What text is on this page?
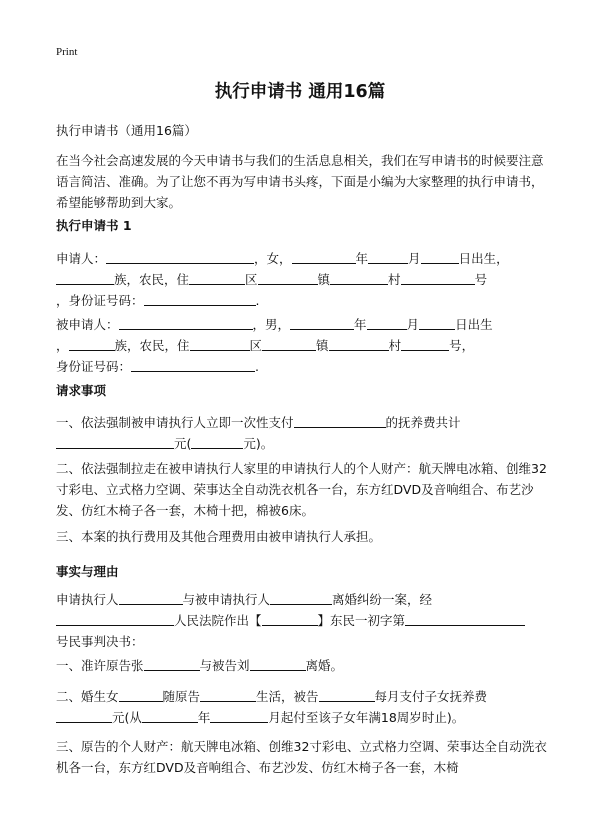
Print
执行申请书 通用16篇
执行申请书（通用16篇）

在当今社会高速发展的今天申请书与我们的生活息息相关，我们在写申请书的时候要注意语言简洁、准确。为了让您不再为写申请书头疼，下面是小编为大家整理的执行申请书，希望能够帮助到大家。

执行申请书 1

申请人：	，女，	年	月	日出生，
族，农民，住	区	镇	村	号
，身份证号码：	.

被申请人：	，男，	年	月	日出生
，	族，农民，住	区	镇	村	号，
身份证号码：	.

请求事项

一、依法强制被申请执行人立即一次性支付	的抚养费共计
元(	元)。

二、依法强制拉走在被申请执行人家里的申请执行人的个人财产：航天牌电冰箱、创维32寸彩电、立式格力空调、荣事达全自动洗衣机各一台，东方红DVD及音响组合、布艺沙发、仿红木椅子各一套，木椅十把，棉被6床。

三、本案的执行费用及其他合理费用由被申请执行人承担。

事实与理由

申请执行人	与被申请执行人	离婚纠纷一案，经
人民法院作出【	】东民一初字第
号民事判决书：

一、准许原告张	与被告刘	离婚。

二、婚生女	随原告	生活，被告	每月支付子女抚养费
元(从	年	月起付至该子女年满18周岁时止)。

三、原告的个人财产：航天牌电冰箱、创维32寸彩电、立式格力空调、荣事达全自动洗衣机各一台，东方红DVD及音响组合、布艺沙发、仿红木椅子各一套，木椅
